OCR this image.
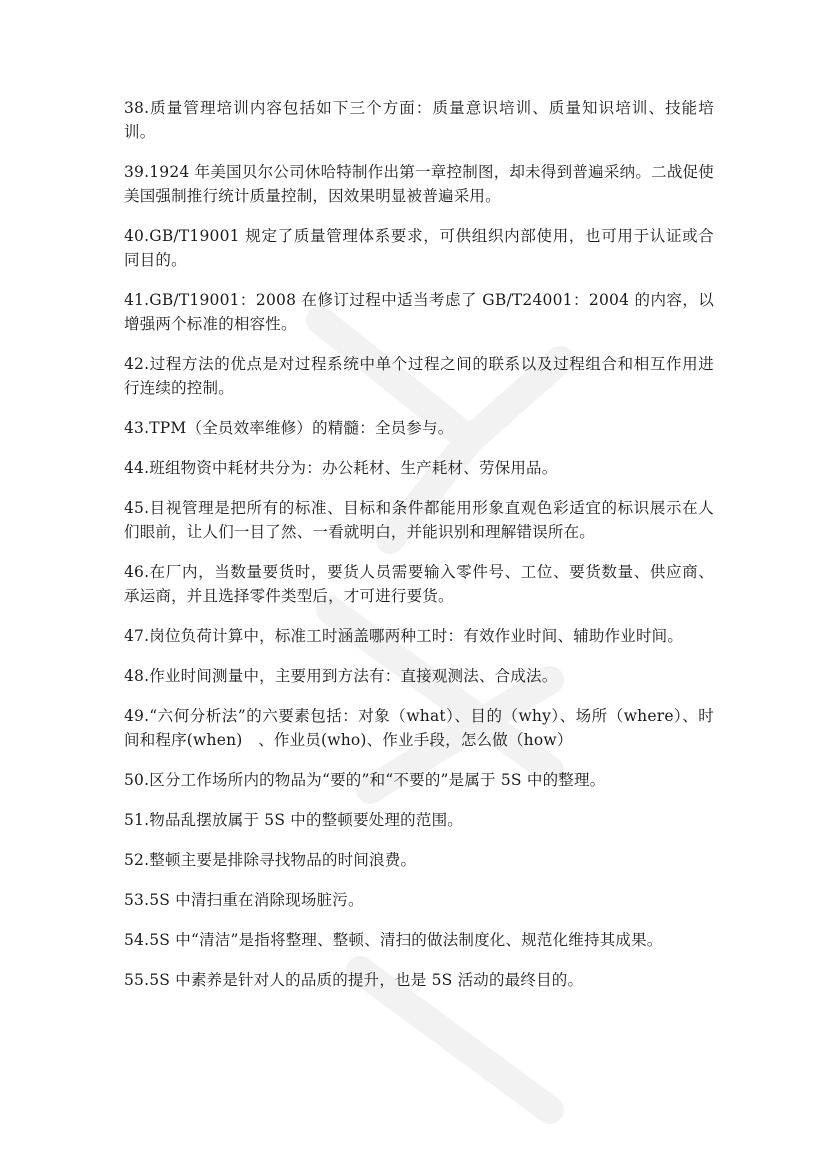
38.质量管理培训内容包括如下三个方面：质量意识培训、质量知识培训、技能培训。
39.1924 年美国贝尔公司休哈特制作出第一章控制图，却未得到普遍采纳。二战促使美国强制推行统计质量控制，因效果明显被普遍采用。
40.GB/T19001 规定了质量管理体系要求，可供组织内部使用，也可用于认证或合同目的。
41.GB/T19001：2008 在修订过程中适当考虑了 GB/T24001：2004 的内容，以增强两个标准的相容性。
42.过程方法的优点是对过程系统中单个过程之间的联系以及过程组合和相互作用进行连续的控制。
43.TPM（全员效率维修）的精髓：全员参与。
44.班组物资中耗材共分为：办公耗材、生产耗材、劳保用品。
45.目视管理是把所有的标准、目标和条件都能用形象直观色彩适宜的标识展示在人们眼前，让人们一目了然、一看就明白，并能识别和理解错误所在。
46.在厂内，当数量要货时，要货人员需要输入零件号、工位、要货数量、供应商、承运商，并且选择零件类型后，才可进行要货。
47.岗位负荷计算中，标准工时涵盖哪两种工时：有效作业时间、辅助作业时间。
48.作业时间测量中，主要用到方法有：直接观测法、合成法。
49.“六何分析法”的六要素包括：对象（what）、目的（why）、场所（where）、时间和程序(when)　、作业员(who)、作业手段，怎么做（how）
50.区分工作场所内的物品为“要的”和“不要的”是属于 5S 中的整理。
51.物品乱摆放属于 5S 中的整顿要处理的范围。
52.整顿主要是排除寻找物品的时间浪费。
53.5S 中清扫重在消除现场脏污。
54.5S 中“清洁”是指将整理、整顿、清扫的做法制度化、规范化维持其成果。
55.5S 中素养是针对人的品质的提升，也是 5S 活动的最终目的。
